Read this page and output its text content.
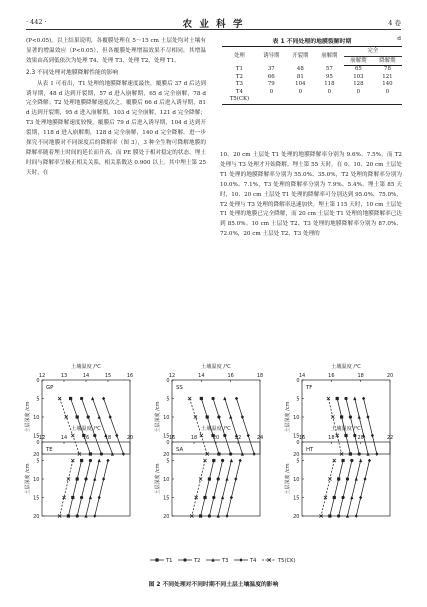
· 442 ·	农 业 科 学	4 卷

(P<0.05)。以上结果说明，各覆膜处理在 5～15 cm 土层处均对土壤有显著的增温效应（P<0.05），但各覆膜处理增温效果不尽相同，其增温效果由高到低依次为处理 T4、处理 T3、处理 T2、处理 T1。

2.3 不同处理对地膜降解性能的影响

从表 1 可看出，T1 处理的地膜降解速度最快，覆膜后 37 d 后达到诱导期，48 d 达到开裂期，57 d 进入崩解期，65 d 完全崩解，78 d 完全降解；T2 处理地膜降解速度次之，覆膜后 66 d 后进入诱导期，81 d 达到开裂期，95 d 进入崩解期，103 d 完全崩解，121 d 完全降解；T3 处理地膜降解速度较慢，覆膜后 79 d 后进入诱导期，104 d 达到开裂期，118 d 进入崩解期，128 d 完全崩解，140 d 完全降解。进一步探究不同地膜对不同深度后的降解率（图 3），3 种全生物可降解地膜的降解率随着埋土时间的延长而升高，而 PE 膜处于相对稳定的状态。埋土时间与降解率呈极正相关关系，相关系数达 0.900 以上。其中埋土第 25 天时，在

表 1 不同处理的地膜裂解时期	d
处理	诱导期	开裂期	崩解期	完全	
				崩解期	降解期
T1	37	48	57	65	78
T2	66	81	95	103	121
T3	79	104	118	128	140
T4	0	0	0	0	0
T5(CK)					

10、20 cm 土层处 T1 处理的地膜降解率分别为 9.6%、7.5%，而 T2 处理与 T3 处理才开始降解。埋土第 55 天时，在 0、10、20 cm 土层处 T1 处理的地膜降解率分别为 55.0%、35.0%，T2 处理的降解率分别为 10.0%、7.1%，T3 处理的降解率分别为 7.9%、5.4%。埋土第 85 天时，10、20 cm 土层处 T1 处理的降解率可分别达到 95.0%、75.0%，T2 处理与 T3 处理的降解率迅速加快。埋土第 115 天时，10 cm 土层处 T1 处理的地膜已完全降解，而 20 cm 土层处 T1 处理的地膜降解率已达到 85.0%。10 cm 土层处 T2、T3 处理的地膜降解率分别为 87.0%、72.0%，20 cm 土层处 T2、T3 处理的

土壤温度 /℃
12	13	14	15	16
0
5
10
15
20
土层深度 /cm
GP
土壤温度 /℃
12	14	16	18
0
5
10
15
20
土层深度 /cm
SS
土壤温度 /℃
14	16	18	20
0
5
10
15
20
土层深度 /cm
TF
土壤温度 /℃
12	14	16	18	20
0
5
10
15
20
土层深度 /cm
TE
土壤温度 /℃
16	18	20	22	24
0
5
10
15
20
土层深度 /cm
SA
土壤温度 /℃
16	18	20	22
0
5
10
15
20
土层深度 /cm
HT
T1	T2	T3	T4	T5(CK)
图 2 不同处理对不同时期不同土层土壤温度的影响
